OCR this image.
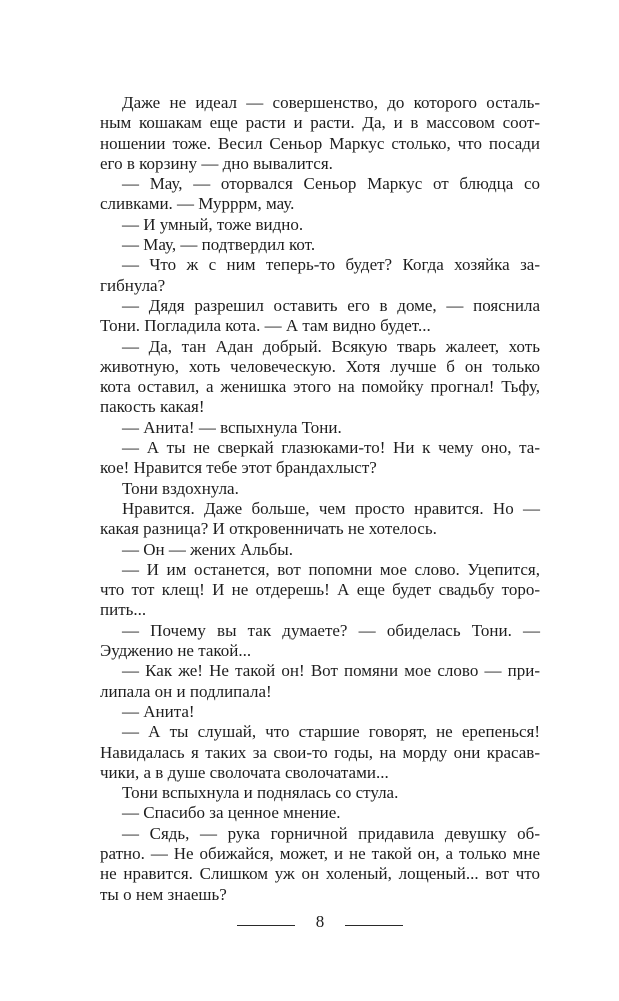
Даже не идеал — совершенство, до которого осталь-
ным кошакам еще расти и расти. Да, и в массовом соот-
ношении тоже. Весил Сеньор Маркус столько, что посади
его в корзину — дно вывалится.
— Мау, — оторвался Сеньор Маркус от блюдца со
сливками. — Мурррм, мау.
— И умный, тоже видно.
— Мау, — подтвердил кот.
— Что ж с ним теперь-то будет? Когда хозяйка за-
гибнула?
— Дядя разрешил оставить его в доме, — пояснила
Тони. Погладила кота. — А там видно будет...
— Да, тан Адан добрый. Всякую тварь жалеет, хоть
животную, хоть человеческую. Хотя лучше б он только
кота оставил, а женишка этого на помойку прогнал! Тьфу,
пакость какая!
— Анита! — вспыхнула Тони.
— А ты не сверкай глазюками-то! Ни к чему оно, та-
кое! Нравится тебе этот брандахлыст?
Тони вздохнула.
Нравится. Даже больше, чем просто нравится. Но —
какая разница? И откровенничать не хотелось.
— Он — жених Альбы.
— И им останется, вот попомни мое слово. Уцепится,
что тот клещ! И не отдерешь! А еще будет свадьбу торо-
пить...
— Почему вы так думаете? — обиделась Тони. —
Эудженио не такой...
— Как же! Не такой он! Вот помяни мое слово — при-
липала он и подлипала!
— Анита!
— А ты слушай, что старшие говорят, не ерепенься!
Навидалась я таких за свои-то годы, на морду они красав-
чики, а в душе сволочата сволочатами...
Тони вспыхнула и поднялась со стула.
— Спасибо за ценное мнение.
— Сядь, — рука горничной придавила девушку об-
ратно. — Не обижайся, может, и не такой он, а только мне
не нравится. Слишком уж он холеный, лощеный... вот что
ты о нем знаешь?
8
